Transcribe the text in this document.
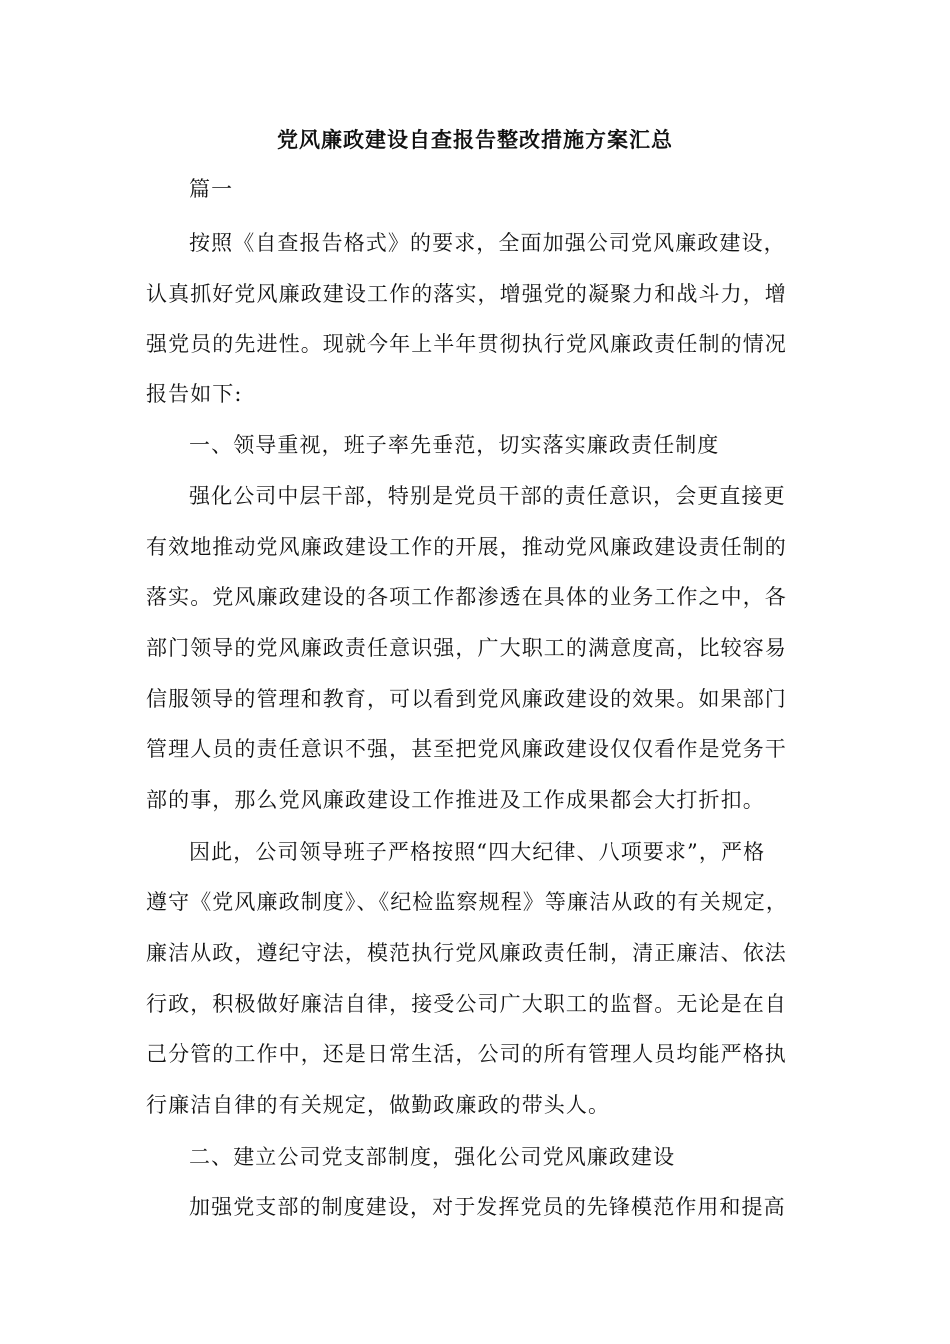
党风廉政建设自查报告整改措施方案汇总
篇一
按照《自查报告格式》的要求，全面加强公司党风廉政建设，
认真抓好党风廉政建设工作的落实，增强党的凝聚力和战斗力，增
强党员的先进性。现就今年上半年贯彻执行党风廉政责任制的情况
报告如下:
一、领导重视，班子率先垂范，切实落实廉政责任制度
强化公司中层干部，特别是党员干部的责任意识，会更直接更
有效地推动党风廉政建设工作的开展，推动党风廉政建设责任制的
落实。党风廉政建设的各项工作都渗透在具体的业务工作之中，各
部门领导的党风廉政责任意识强，广大职工的满意度高，比较容易
信服领导的管理和教育，可以看到党风廉政建设的效果。如果部门
管理人员的责任意识不强，甚至把党风廉政建设仅仅看作是党务干
部的事，那么党风廉政建设工作推进及工作成果都会大打折扣。
因此，公司领导班子严格按照“四大纪律、八项要求”，严格
遵守《党风廉政制度》、《纪检监察规程》等廉洁从政的有关规定，
廉洁从政，遵纪守法，模范执行党风廉政责任制，清正廉洁、依法
行政，积极做好廉洁自律，接受公司广大职工的监督。无论是在自
己分管的工作中，还是日常生活，公司的所有管理人员均能严格执
行廉洁自律的有关规定，做勤政廉政的带头人。
二、建立公司党支部制度，强化公司党风廉政建设
加强党支部的制度建设，对于发挥党员的先锋模范作用和提高
